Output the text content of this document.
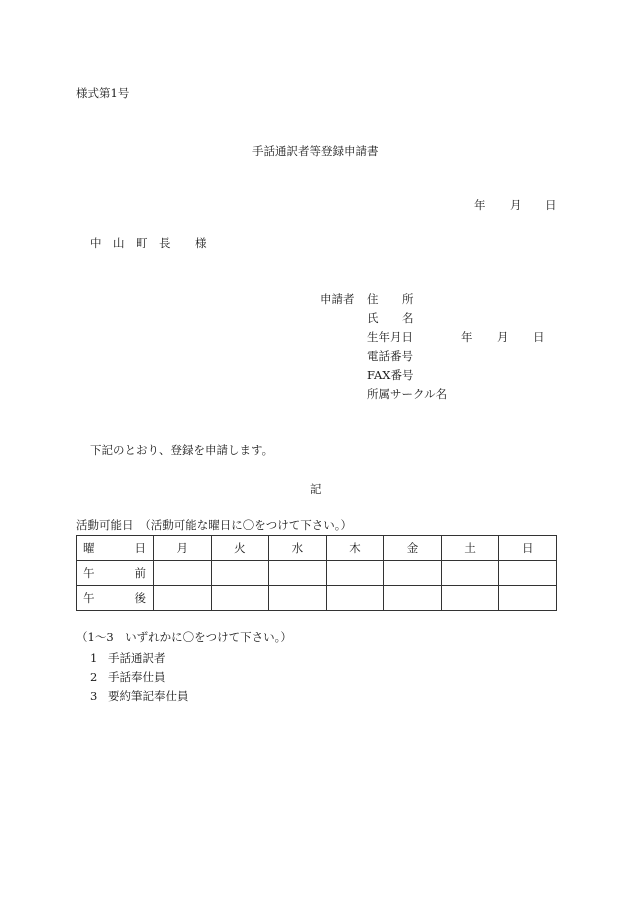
様式第1号
手話通訳者等登録申請書
年 月 日
中 山 町 長 様
申請者 住 所
氏 名
生年月日	年 月 日
電話番号
FAX番号
所属サークル名
下記のとおり、登録を申請します。
記
活動可能日　（活動可能な曜日に〇をつけて下さい。）
曜 日	月	火	水	木	金	土	日
午 前							
午 後							
（1〜3　いずれかに〇をつけて下さい。）
1 手話通訳者
2 手話奉仕員
3 要約筆記奉仕員
